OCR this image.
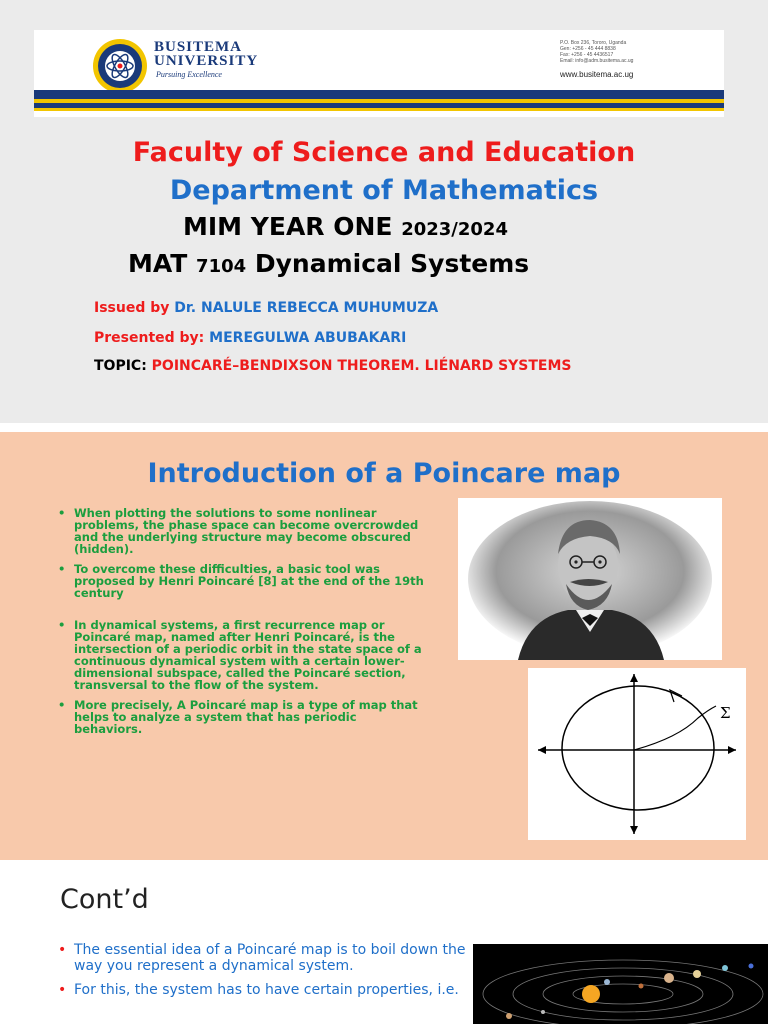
BUSITEMA
UNIVERSITY
Pursuing Excellence
P.O. Box 236, Tororo, Uganda
Gen: +256 - 45 444 8838
Fax: +256 - 45 4436517
Email: info@adm.busitema.ac.ug
www.busitema.ac.ug
Faculty of Science and Education
Department of Mathematics
MIM YEAR ONE 2023/2024
MAT 7104 Dynamical Systems
Issued by Dr. NALULE REBECCA MUHUMUZA
Presented by: MEREGULWA ABUBAKARI
TOPIC: POINCARÉ–BENDIXSON THEOREM. LIÉNARD SYSTEMS
Introduction of a Poincare map
• When plotting the solutions to some nonlinear problems, the phase space can become overcrowded and the underlying structure may become obscured (hidden).
• To overcome these difficulties, a basic tool was proposed by Henri Poincaré [8] at the end of the 19th century
• In dynamical systems, a first recurrence map or Poincaré map, named after Henri Poincaré, is the intersection of a periodic orbit in the state space of a continuous dynamical system with a certain lower-dimensional subspace, called the Poincaré section, transversal to the flow of the system.
• More precisely, A Poincaré map is a type of map that helps to analyze a system that has periodic behaviors.
Σ
Cont’d
• The essential idea of a Poincaré map is to boil down the way you represent a dynamical system.
• For this, the system has to have certain properties, i.e.
